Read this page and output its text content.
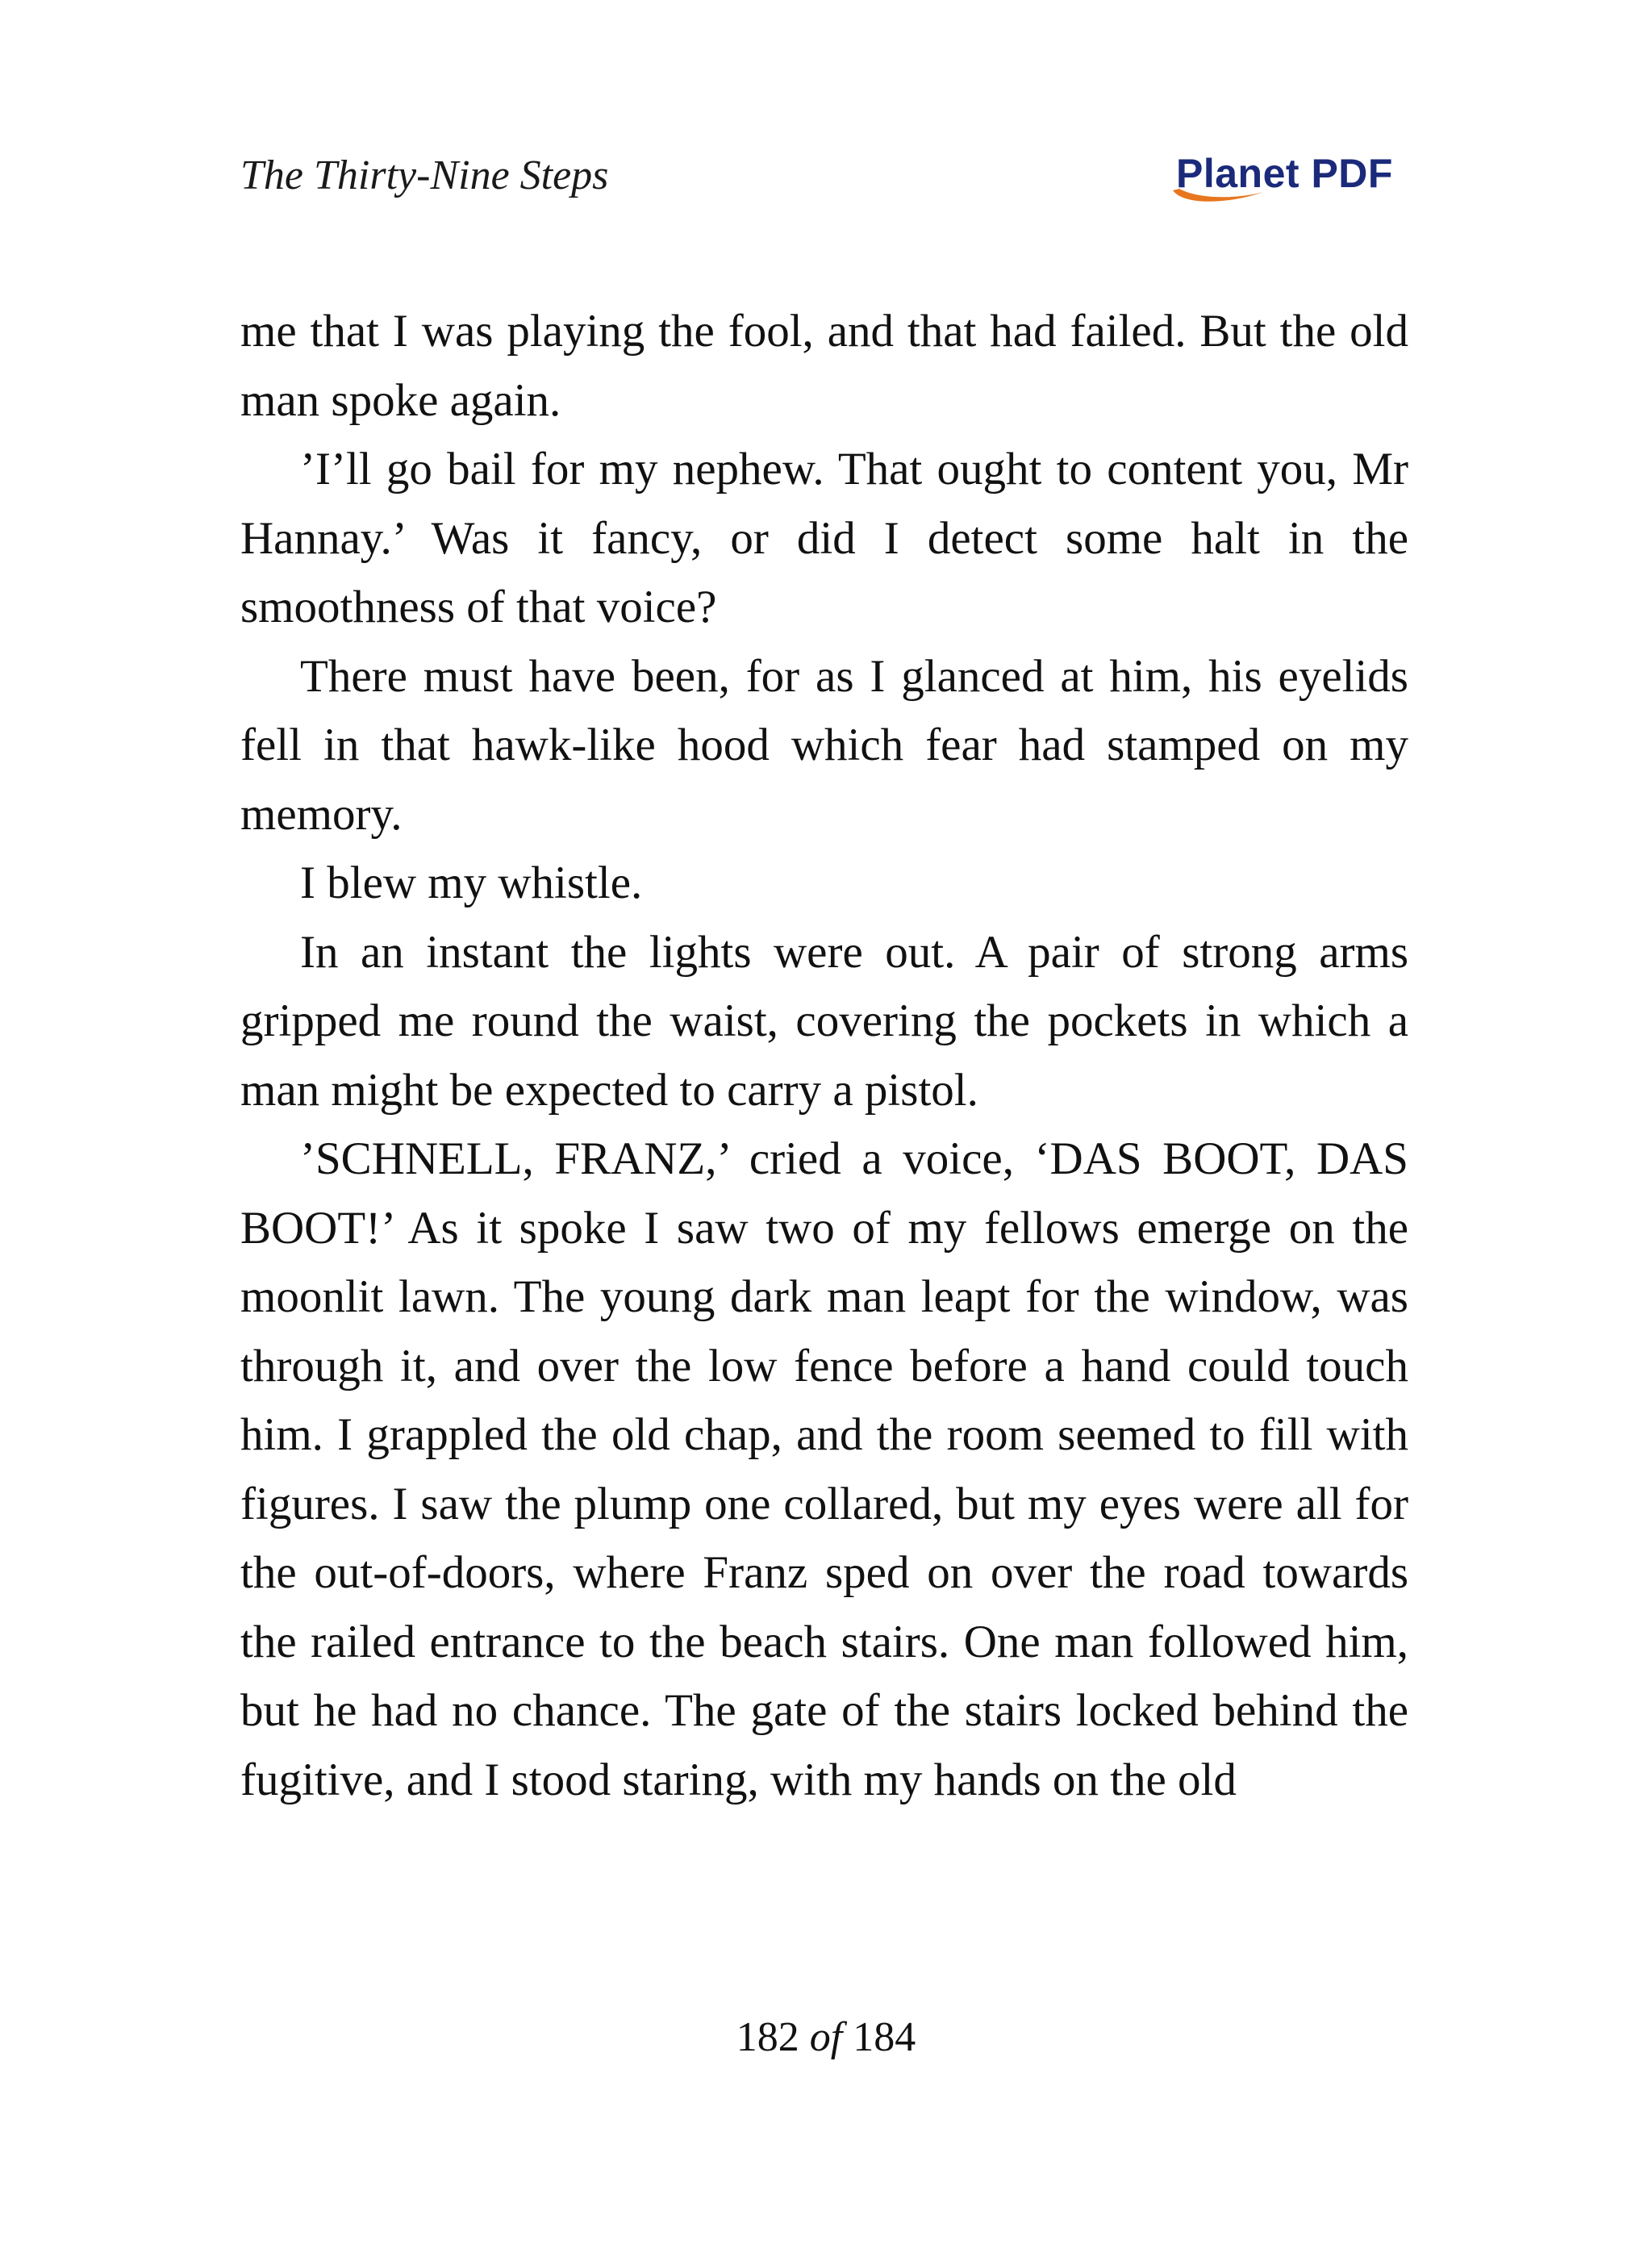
The Thirty-Nine Steps	Planet PDF

me that I was playing the fool, and that had failed. But the old man spoke again.

’I’ll go bail for my nephew. That ought to content you, Mr Hannay.’ Was it fancy, or did I detect some halt in the smoothness of that voice?

There must have been, for as I glanced at him, his eyelids fell in that hawk-like hood which fear had stamped on my memory.

I blew my whistle.

In an instant the lights were out. A pair of strong arms gripped me round the waist, covering the pockets in which a man might be expected to carry a pistol.

’SCHNELL, FRANZ,’ cried a voice, ‘DAS BOOT, DAS BOOT!’ As it spoke I saw two of my fellows emerge on the moonlit lawn. The young dark man leapt for the window, was through it, and over the low fence before a hand could touch him. I grappled the old chap, and the room seemed to fill with figures. I saw the plump one collared, but my eyes were all for the out-of-doors, where Franz sped on over the road towards the railed entrance to the beach stairs. One man followed him, but he had no chance. The gate of the stairs locked behind the fugitive, and I stood staring, with my hands on the old

182 of 184
